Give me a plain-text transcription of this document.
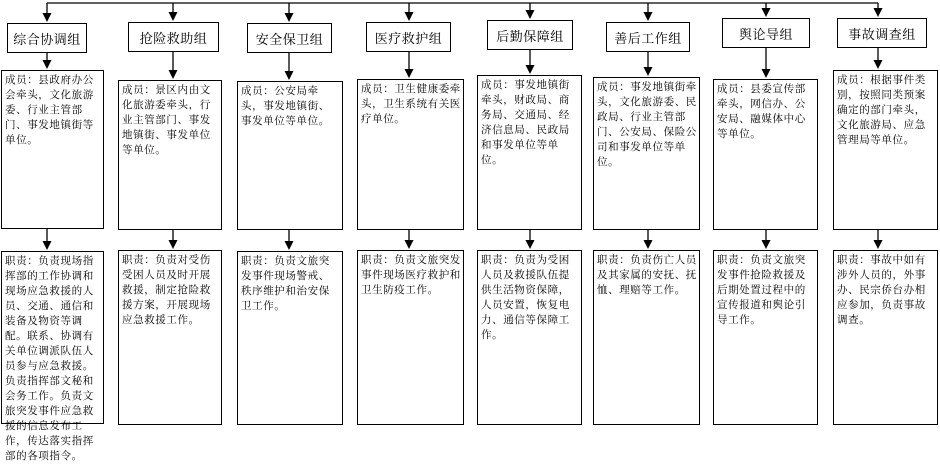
综合协调组
成员：县政府办公会牵头，文化旅游委、行业主管部门、事发地镇街等单位。
职责：负责现场指挥部的工作协调和现场应急救援的人员、交通、通信和装备及物资等调配。联系、协调有关单位调派队伍人员参与应急救援。负责指挥部文秘和会务工作。负责文旅突发事件应急救援的信息发布工作，传达落实指挥部的各项指令。
抢险救助组
成员：景区内由文化旅游委牵头，行业主管部门、事发地镇街、事发单位等单位。
职责：负责对受伤受困人员及时开展救援，制定抢险救援方案，开展现场应急救援工作。
安全保卫组
成员：公安局牵头，事发地镇街、事发单位等单位。
职责：负责文旅突发事件现场警戒、秩序维护和治安保卫工作。
医疗救护组
成员：卫生健康委牵头，卫生系统有关医疗单位。
职责：负责文旅突发事件现场医疗救护和卫生防疫工作。
后勤保障组
成员：事发地镇街牵头，财政局、商务局、交通局、经济信息局、民政局和事发单位等单位。
职责：负责为受困人员及救援队伍提供生活物资保障，人员安置，恢复电力、通信等保障工作。
善后工作组
成员：事发地镇街牵头，文化旅游委、民政局、行业主管部门、公安局、保险公司和事发单位等单位。
职责：负责伤亡人员及其家属的安抚、抚恤、理赔等工作。
舆论导组
成员：县委宣传部牵头，网信办、公安局、融媒体中心等单位。
职责：负责文旅突发事件抢险救援及后期处置过程中的宣传报道和舆论引导工作。
事故调查组
成员：根据事件类别，按照同类预案确定的部门牵头，文化旅游局、应急管理局等单位。
职责：事故中如有涉外人员的，外事办、民宗侨台办相应参加，负责事故调查。
